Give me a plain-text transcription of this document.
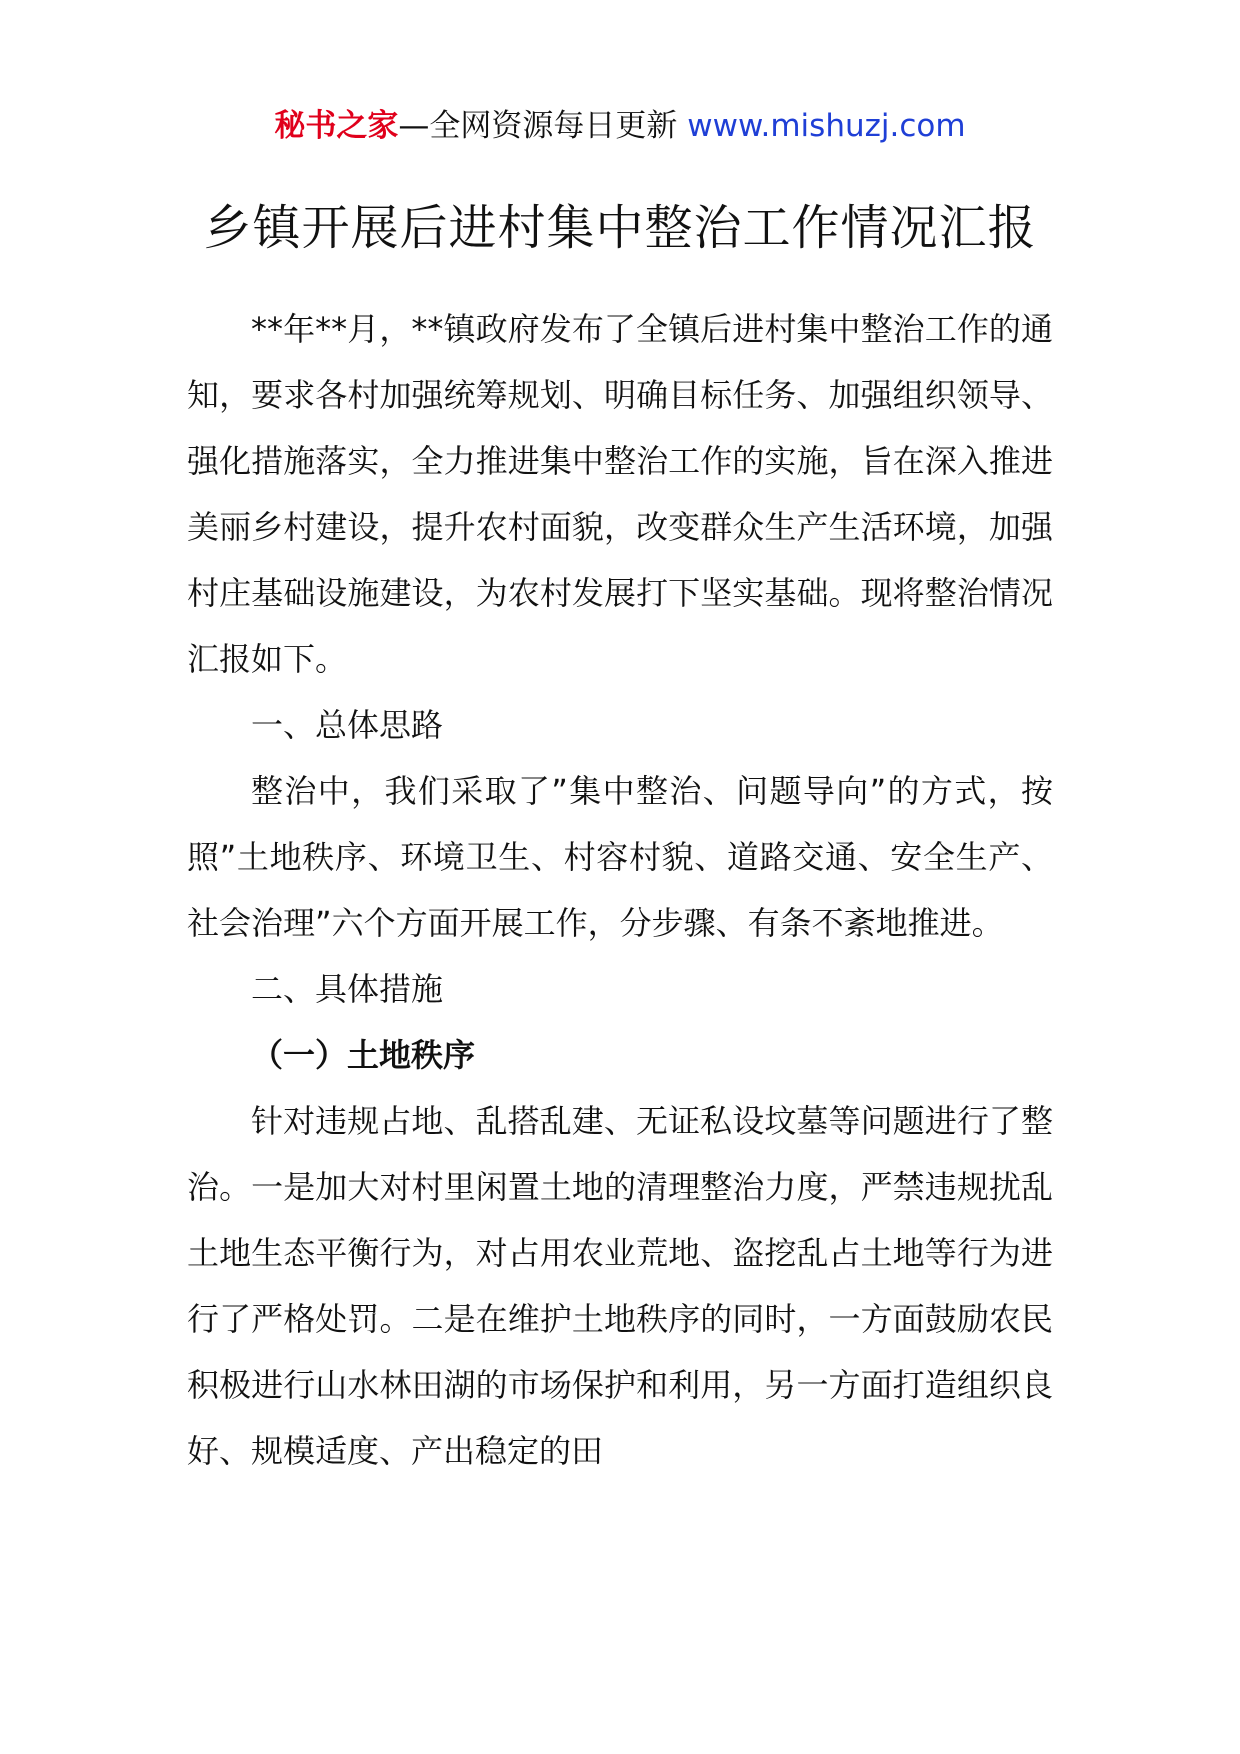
秘书之家—全网资源每日更新 www.mishuzj.com
乡镇开展后进村集中整治工作情况汇报

**年**月，**镇政府发布了全镇后进村集中整治工作的通知，要求各村加强统筹规划、明确目标任务、加强组织领导、强化措施落实，全力推进集中整治工作的实施，旨在深入推进美丽乡村建设，提升农村面貌，改变群众生产生活环境，加强村庄基础设施建设，为农村发展打下坚实基础。现将整治情况汇报如下。

一、总体思路

整治中，我们采取了”集中整治、问题导向”的方式，按照”土地秩序、环境卫生、村容村貌、道路交通、安全生产、社会治理”六个方面开展工作，分步骤、有条不紊地推进。

二、具体措施

（一）土地秩序

针对违规占地、乱搭乱建、无证私设坟墓等问题进行了整治。一是加大对村里闲置土地的清理整治力度，严禁违规扰乱土地生态平衡行为，对占用农业荒地、盗挖乱占土地等行为进行了严格处罚。二是在维护土地秩序的同时，一方面鼓励农民积极进行山水林田湖的市场保护和利用，另一方面打造组织良好、规模适度、产出稳定的田
